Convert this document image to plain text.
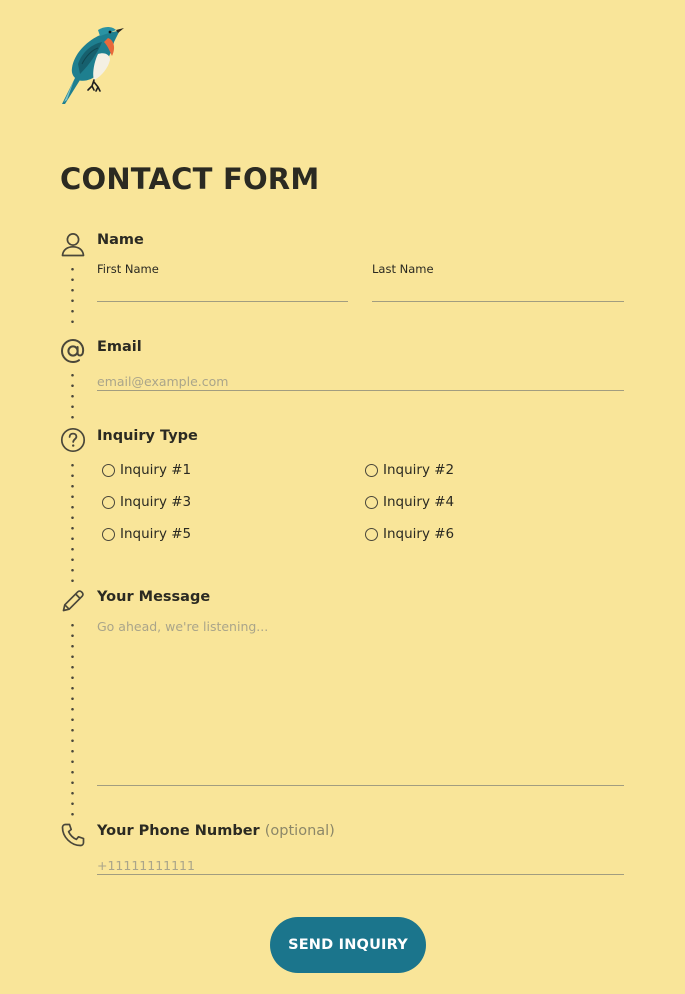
CONTACT FORM
Name
First Name	Last Name
Email
email@example.com
Inquiry Type
Inquiry #1	Inquiry #2
Inquiry #3	Inquiry #4
Inquiry #5	Inquiry #6
Your Message
Go ahead, we're listening...
Your Phone Number (optional)
+11111111111
SEND INQUIRY
